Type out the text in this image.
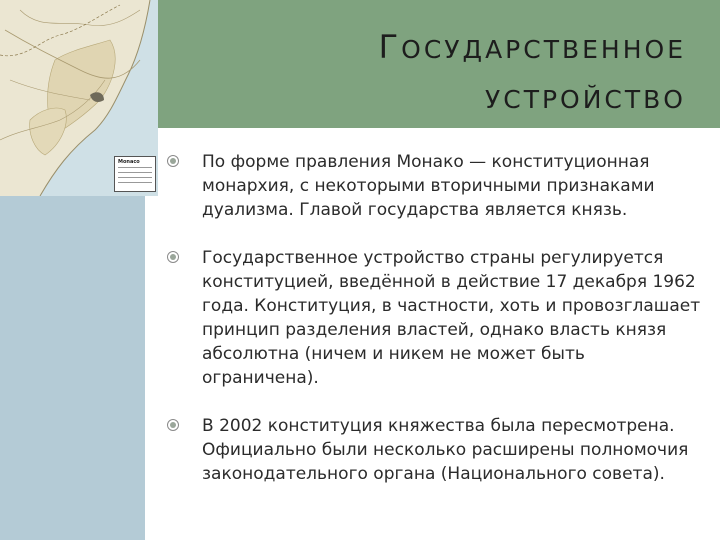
Monaco
ГОСУДАРСТВЕННОЕ
УСТРОЙСТВО
По форме правления Монако — конституционная монархия, с некоторыми вторичными признаками дуализма. Главой государства является князь.
Государственное устройство страны регулируется конституцией, введённой в действие 17 декабря 1962 года. Конституция, в частности, хоть и провозглашает принцип разделения властей, однако власть князя абсолютна (ничем и никем не может быть ограничена).
В 2002 конституция княжества была пересмотрена. Официально были несколько расширены полномочия законодательного органа (Национального совета).
